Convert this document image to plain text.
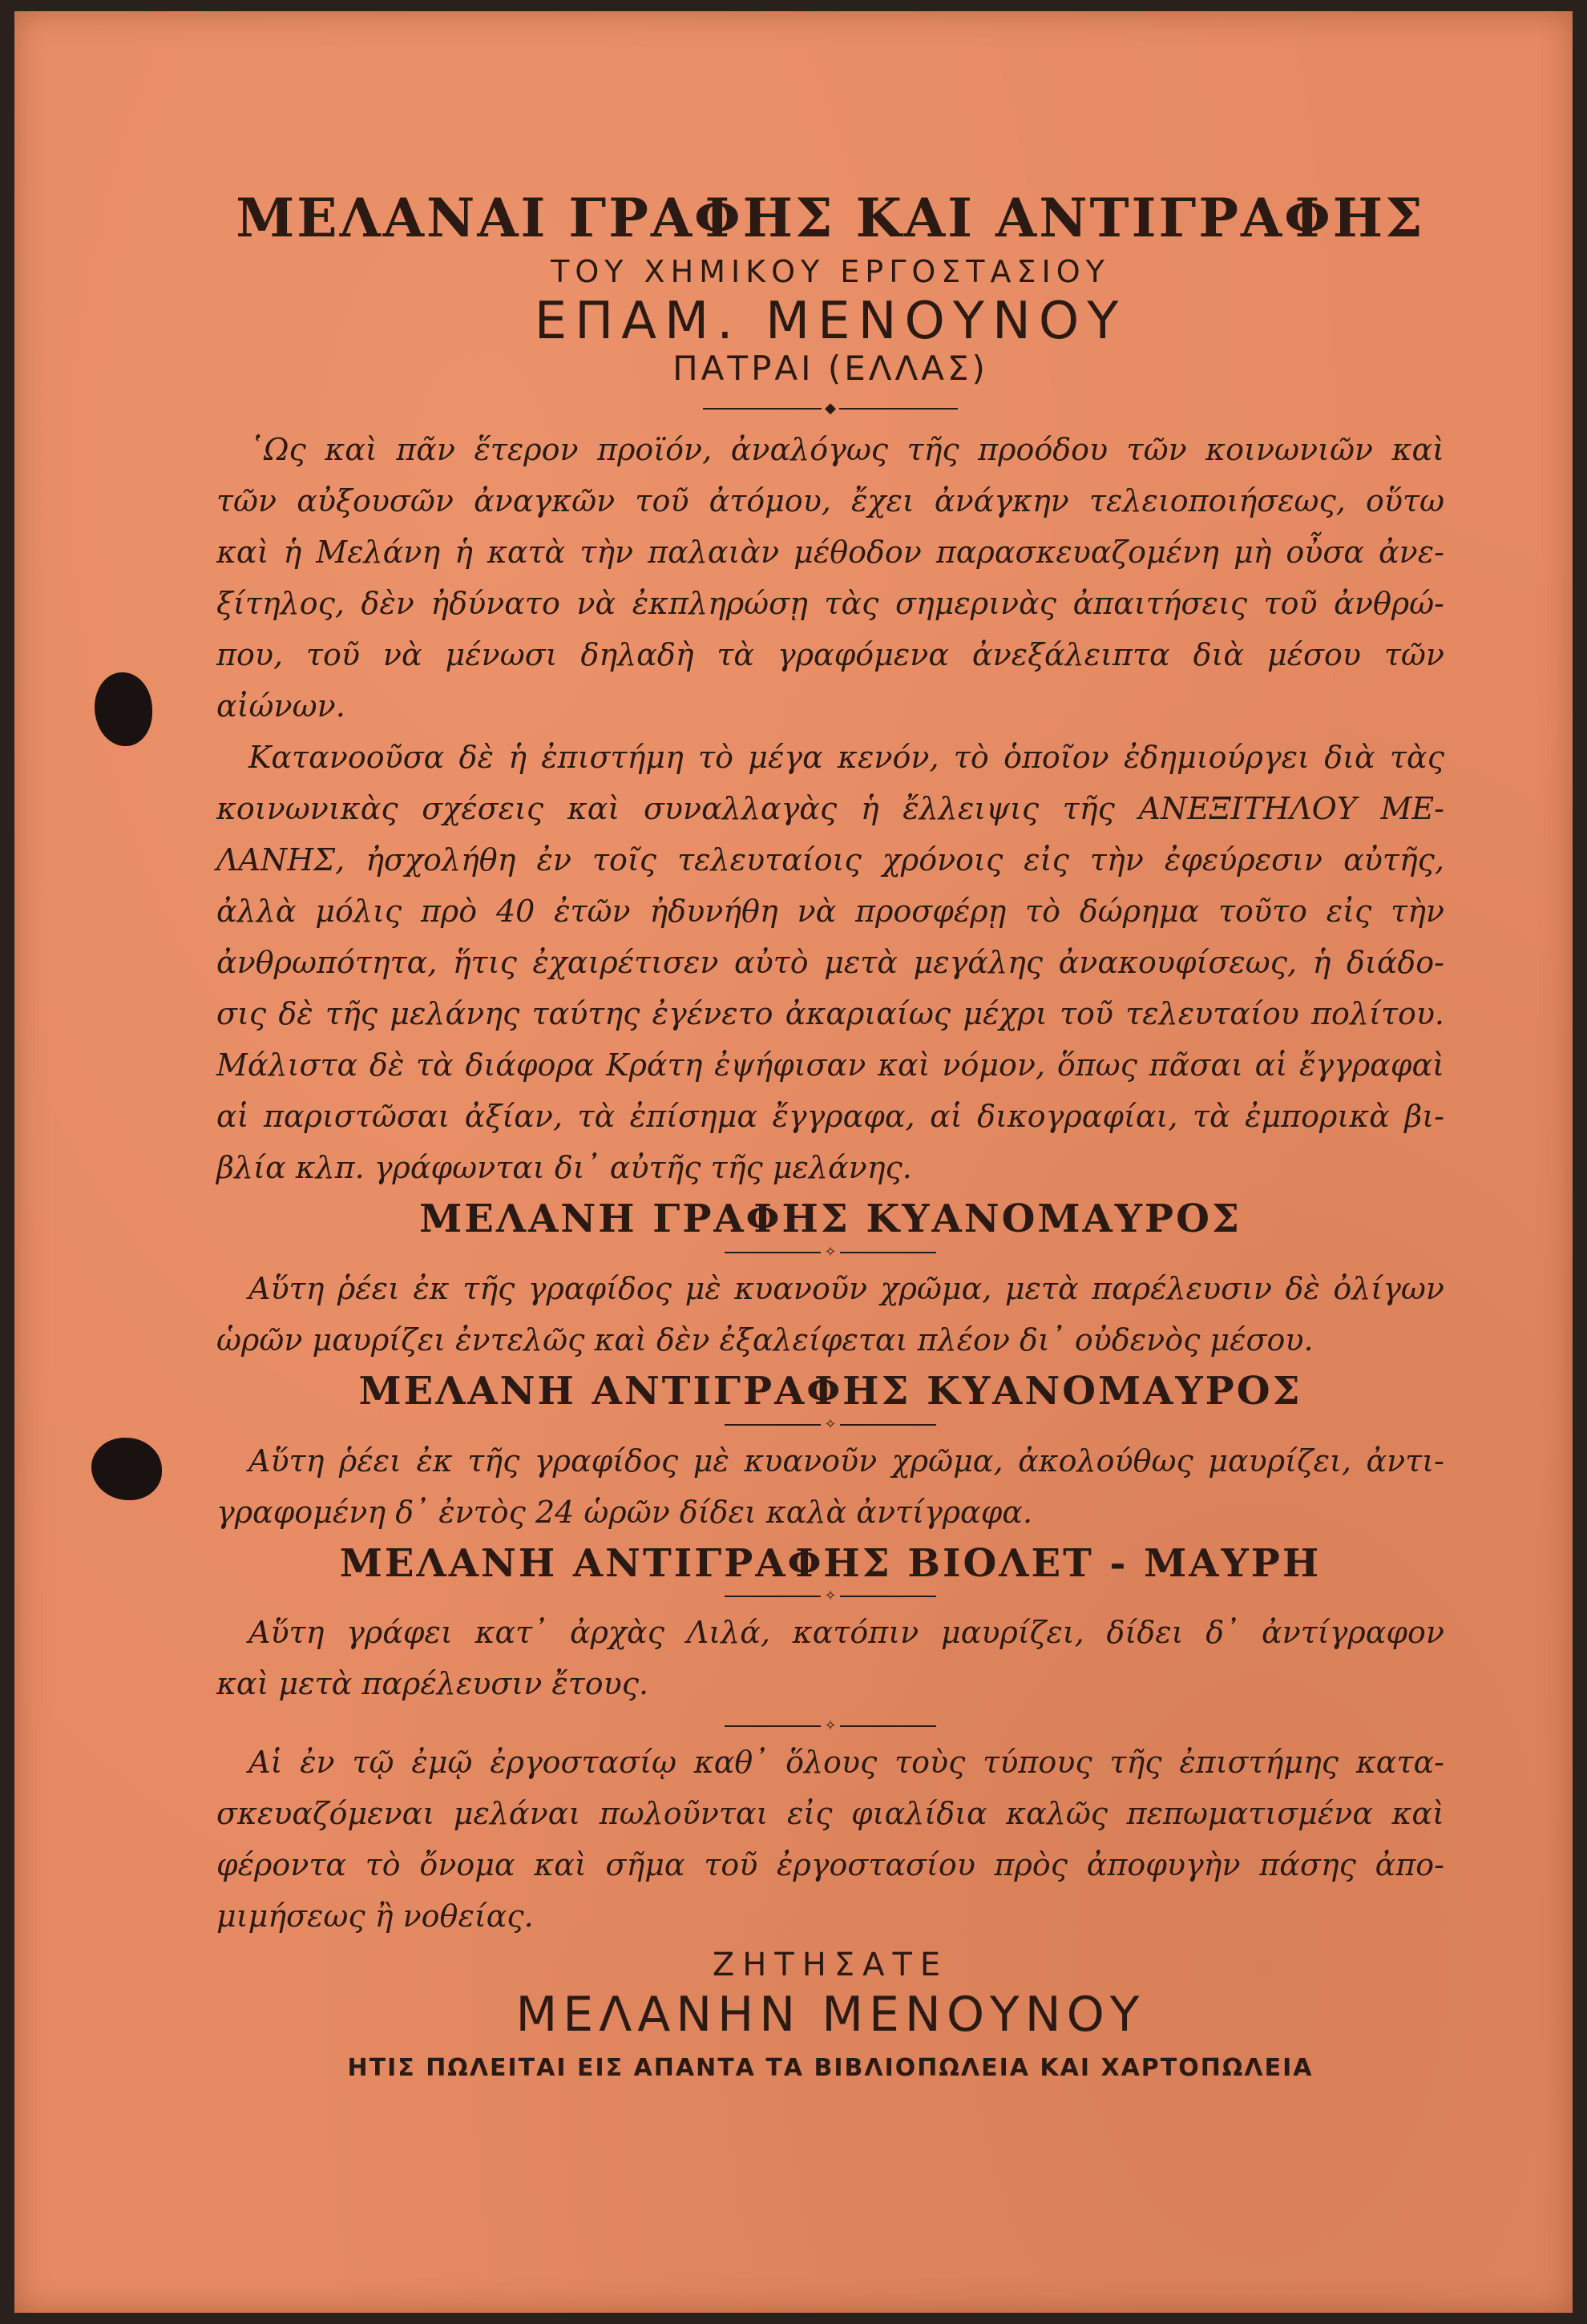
ΜΕΛΑΝΑΙ ΓΡΑΦΗΣ ΚΑΙ ΑΝΤΙΓΡΑΦΗΣ
ΤΟΥ ΧΗΜΙΚΟΥ ΕΡΓΟΣΤΑΣΙΟΥ
ΕΠΑΜ. ΜΕΝΟΥΝΟΥ
ΠΑΤΡΑΙ (ΕΛΛΑΣ)
◆
῾Ως καὶ πᾶν ἕτερον προϊόν, ἀναλόγως τῆς προόδου τῶν κοινωνιῶν καὶ
τῶν αὐξουσῶν ἀναγκῶν τοῦ ἀτόμου, ἔχει ἀνάγκην τελειοποιήσεως, οὕτω
καὶ ἡ Μελάνη ἡ κατὰ τὴν παλαιὰν μέθοδον παρασκευαζομένη μὴ οὖσα ἀνε-
ξίτηλος, δὲν ἠδύνατο νὰ ἐκπληρώσῃ τὰς σημερινὰς ἀπαιτήσεις τοῦ ἀνθρώ-
που, τοῦ νὰ μένωσι δηλαδὴ τὰ γραφόμενα ἀνεξάλειπτα διὰ μέσου τῶν
αἰώνων.
Κατανοοῦσα δὲ ἡ ἐπιστήμη τὸ μέγα κενόν, τὸ ὁποῖον ἐδημιούργει διὰ τὰς
κοινωνικὰς σχέσεις καὶ συναλλαγὰς ἡ ἔλλειψις τῆς ΑΝΕΞΙΤΗΛΟΥ ΜΕ-
ΛΑΝΗΣ, ἠσχολήθη ἐν τοῖς τελευταίοις χρόνοις εἰς τὴν ἐφεύρεσιν αὐτῆς,
ἀλλὰ μόλις πρὸ 40 ἐτῶν ἠδυνήθη νὰ προσφέρῃ τὸ δώρημα τοῦτο εἰς τὴν
ἀνθρωπότητα, ἥτις ἐχαιρέτισεν αὐτὸ μετὰ μεγάλης ἀνακουφίσεως, ἡ διάδο-
σις δὲ τῆς μελάνης ταύτης ἐγένετο ἀκαριαίως μέχρι τοῦ τελευταίου πολίτου.
Μάλιστα δὲ τὰ διάφορα Κράτη ἐψήφισαν καὶ νόμον, ὅπως πᾶσαι αἱ ἔγγραφαὶ
αἱ παριστῶσαι ἀξίαν, τὰ ἐπίσημα ἔγγραφα, αἱ δικογραφίαι, τὰ ἐμπορικὰ βι-
βλία κλπ. γράφωνται δι᾽ αὐτῆς τῆς μελάνης.
ΜΕΛΑΝΗ ΓΡΑΦΗΣ ΚΥΑΝΟΜΑΥΡΟΣ
✧
Αὕτη ῥέει ἐκ τῆς γραφίδος μὲ κυανοῦν χρῶμα, μετὰ παρέλευσιν δὲ ὀλίγων
ὡρῶν μαυρίζει ἐντελῶς καὶ δὲν ἐξαλείφεται πλέον δι᾽ οὐδενὸς μέσου.
ΜΕΛΑΝΗ ΑΝΤΙΓΡΑΦΗΣ ΚΥΑΝΟΜΑΥΡΟΣ
✧
Αὕτη ῥέει ἐκ τῆς γραφίδος μὲ κυανοῦν χρῶμα, ἀκολούθως μαυρίζει, ἀντι-
γραφομένη δ᾽ ἐντὸς 24 ὡρῶν δίδει καλὰ ἀντίγραφα.
ΜΕΛΑΝΗ ΑΝΤΙΓΡΑΦΗΣ ΒΙΟΛΕΤ - ΜΑΥΡΗ
✧
Αὕτη γράφει κατ᾽ ἀρχὰς Λιλά, κατόπιν μαυρίζει, δίδει δ᾽ ἀντίγραφον
καὶ μετὰ παρέλευσιν ἔτους.
✧
Αἱ ἐν τῷ ἐμῷ ἐργοστασίῳ καθ᾽ ὅλους τοὺς τύπους τῆς ἐπιστήμης κατα-
σκευαζόμεναι μελάναι πωλοῦνται εἰς φιαλίδια καλῶς πεπωματισμένα καὶ
φέροντα τὸ ὄνομα καὶ σῆμα τοῦ ἐργοστασίου πρὸς ἀποφυγὴν πάσης ἀπο-
μιμήσεως ἢ νοθείας.
ΖΗΤΗΣΑΤΕ
ΜΕΛΑΝΗΝ ΜΕΝΟΥΝΟΥ
ΗΤΙΣ ΠΩΛΕΙΤΑΙ ΕΙΣ ΑΠΑΝΤΑ ΤΑ ΒΙΒΛΙΟΠΩΛΕΙΑ ΚΑΙ ΧΑΡΤΟΠΩΛΕΙΑ
